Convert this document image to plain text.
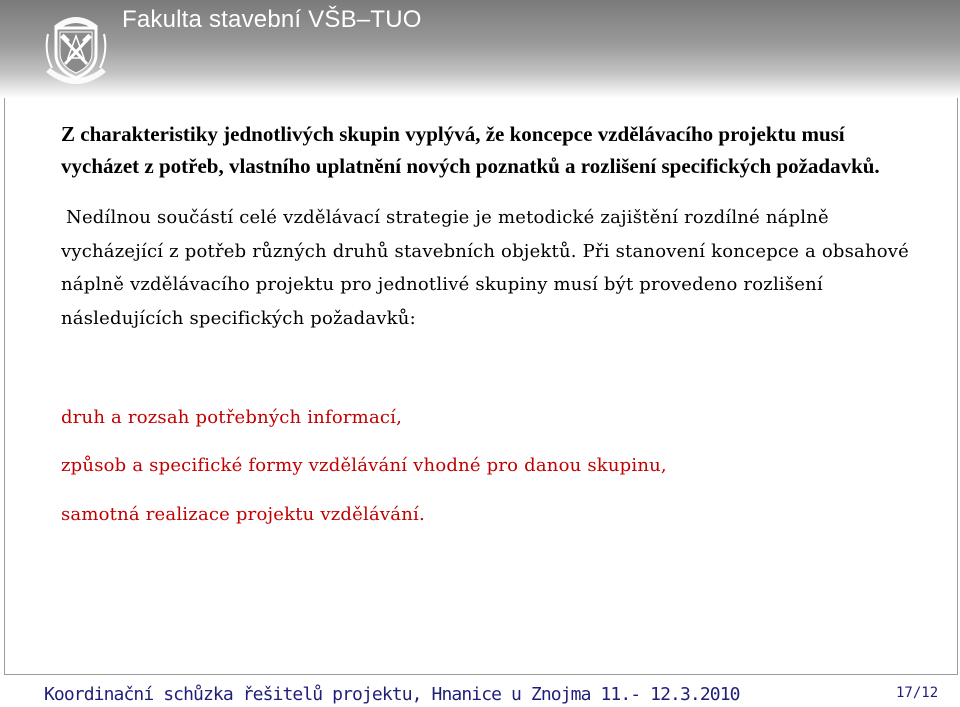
Fakulta stavební VŠB–TUO

Z charakteristiky jednotlivých skupin vyplývá, že koncepce vzdělávacího projektu musí vycházet z potřeb, vlastního uplatnění nových poznatků a rozlišení specifických požadavků.

Nedílnou součástí celé vzdělávací strategie je metodické zajištění rozdílné náplně vycházející z potřeb různých druhů stavebních objektů. Při stanovení koncepce a obsahové náplně vzdělávacího projektu pro jednotlivé skupiny musí být provedeno rozlišení následujících specifických požadavků:

druh a rozsah potřebných informací,
způsob a specifické formy vzdělávání vhodné pro danou skupinu,
samotná realizace projektu vzdělávání.
Koordinační schůzka řešitelů projektu, Hnanice u Znojma 11.- 12.3.2010	17/12
